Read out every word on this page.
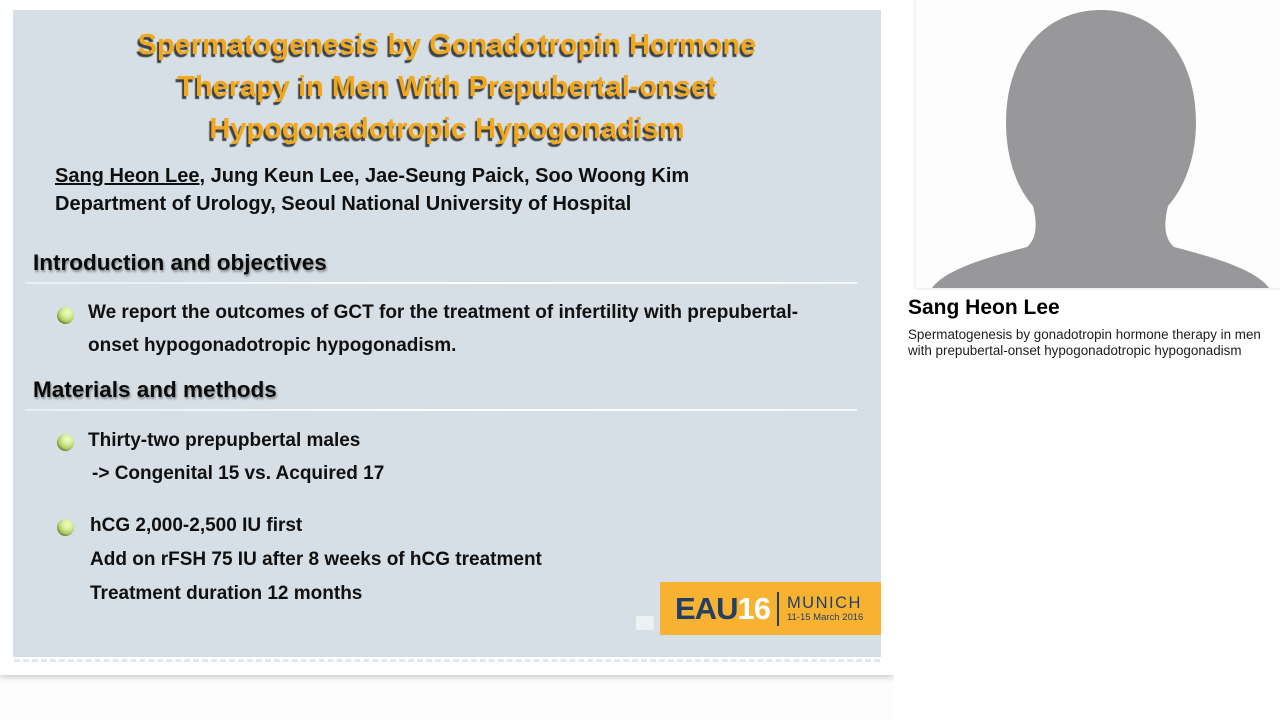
Spermatogenesis by Gonadotropin Hormone
Therapy in Men With Prepubertal-onset
Hypogonadotropic Hypogonadism
Sang Heon Lee, Jung Keun Lee, Jae-Seung Paick, Soo Woong Kim
Department of Urology, Seoul National University of Hospital
Introduction and objectives
We report the outcomes of GCT for the treatment of infertility with prepubertal-onset hypogonadotropic hypogonadism.
Materials and methods
Thirty-two prepupbertal males
-> Congenital 15 vs. Acquired 17
hCG 2,000-2,500 IU first
Add on rFSH 75 IU after 8 weeks of hCG treatment
Treatment duration 12 months	EAU 16 MUNICH
11-15 March 2016
Sang Heon Lee
Spermatogenesis by gonadotropin hormone therapy in men with prepubertal-onset hypogonadotropic hypogonadism
